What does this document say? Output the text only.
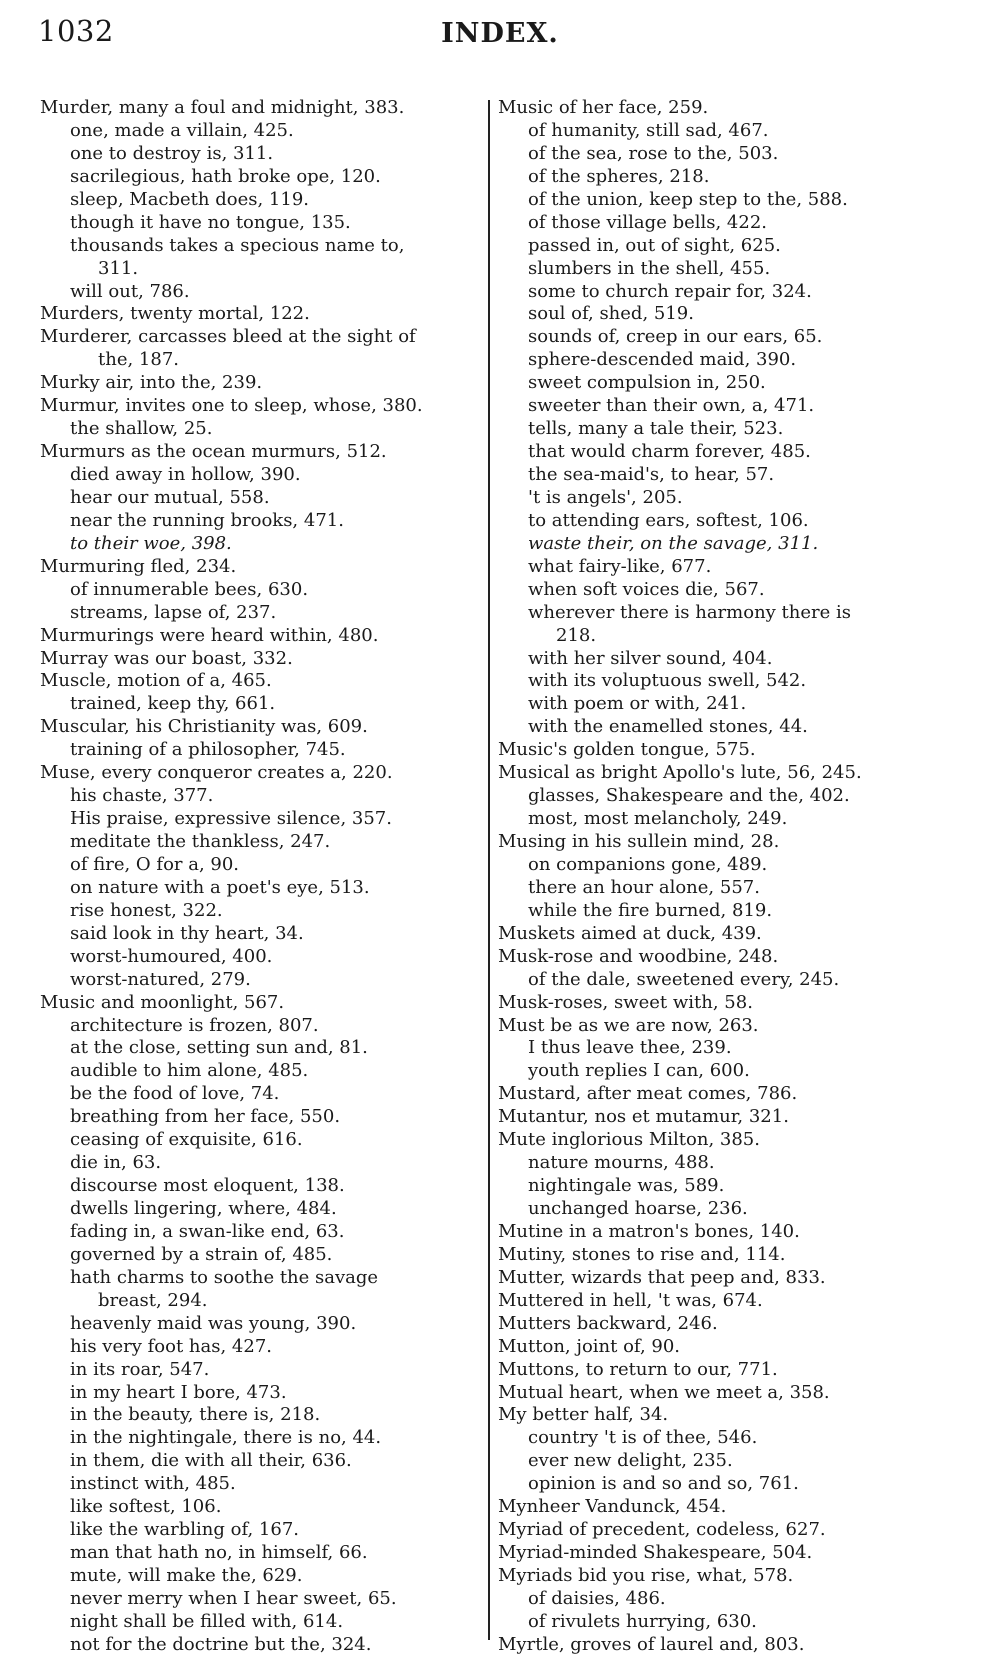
1032	INDEX.
Murder, many a foul and midnight, 383.
one, made a villain, 425.
one to destroy is, 311.
sacrilegious, hath broke ope, 120.
sleep, Macbeth does, 119.
though it have no tongue, 135.
thousands takes a specious name to,
311.
will out, 786.
Murders, twenty mortal, 122.
Murderer, carcasses bleed at the sight of
the, 187.
Murky air, into the, 239.
Murmur, invites one to sleep, whose, 380.
the shallow, 25.
Murmurs as the ocean murmurs, 512.
died away in hollow, 390.
hear our mutual, 558.
near the running brooks, 471.
to their woe, 398.
Murmuring fled, 234.
of innumerable bees, 630.
streams, lapse of, 237.
Murmurings were heard within, 480.
Murray was our boast, 332.
Muscle, motion of a, 465.
trained, keep thy, 661.
Muscular, his Christianity was, 609.
training of a philosopher, 745.
Muse, every conqueror creates a, 220.
his chaste, 377.
His praise, expressive silence, 357.
meditate the thankless, 247.
of fire, O for a, 90.
on nature with a poet's eye, 513.
rise honest, 322.
said look in thy heart, 34.
worst-humoured, 400.
worst-natured, 279.
Music and moonlight, 567.
architecture is frozen, 807.
at the close, setting sun and, 81.
audible to him alone, 485.
be the food of love, 74.
breathing from her face, 550.
ceasing of exquisite, 616.
die in, 63.
discourse most eloquent, 138.
dwells lingering, where, 484.
fading in, a swan-like end, 63.
governed by a strain of, 485.
hath charms to soothe the savage
breast, 294.
heavenly maid was young, 390.
his very foot has, 427.
in its roar, 547.
in my heart I bore, 473.
in the beauty, there is, 218.
in the nightingale, there is no, 44.
in them, die with all their, 636.
instinct with, 485.
like softest, 106.
like the warbling of, 167.
man that hath no, in himself, 66.
mute, will make the, 629.
never merry when I hear sweet, 65.
night shall be filled with, 614.
not for the doctrine but the, 324.
Music of her face, 259.
of humanity, still sad, 467.
of the sea, rose to the, 503.
of the spheres, 218.
of the union, keep step to the, 588.
of those village bells, 422.
passed in, out of sight, 625.
slumbers in the shell, 455.
some to church repair for, 324.
soul of, shed, 519.
sounds of, creep in our ears, 65.
sphere-descended maid, 390.
sweet compulsion in, 250.
sweeter than their own, a, 471.
tells, many a tale their, 523.
that would charm forever, 485.
the sea-maid's, to hear, 57.
't is angels', 205.
to attending ears, softest, 106.
waste their, on the savage, 311.
what fairy-like, 677.
when soft voices die, 567.
wherever there is harmony there is
218.
with her silver sound, 404.
with its voluptuous swell, 542.
with poem or with, 241.
with the enamelled stones, 44.
Music's golden tongue, 575.
Musical as bright Apollo's lute, 56, 245.
glasses, Shakespeare and the, 402.
most, most melancholy, 249.
Musing in his sullein mind, 28.
on companions gone, 489.
there an hour alone, 557.
while the fire burned, 819.
Muskets aimed at duck, 439.
Musk-rose and woodbine, 248.
of the dale, sweetened every, 245.
Musk-roses, sweet with, 58.
Must be as we are now, 263.
I thus leave thee, 239.
youth replies I can, 600.
Mustard, after meat comes, 786.
Mutantur, nos et mutamur, 321.
Mute inglorious Milton, 385.
nature mourns, 488.
nightingale was, 589.
unchanged hoarse, 236.
Mutine in a matron's bones, 140.
Mutiny, stones to rise and, 114.
Mutter, wizards that peep and, 833.
Muttered in hell, 't was, 674.
Mutters backward, 246.
Mutton, joint of, 90.
Muttons, to return to our, 771.
Mutual heart, when we meet a, 358.
My better half, 34.
country 't is of thee, 546.
ever new delight, 235.
opinion is and so and so, 761.
Mynheer Vandunck, 454.
Myriad of precedent, codeless, 627.
Myriad-minded Shakespeare, 504.
Myriads bid you rise, what, 578.
of daisies, 486.
of rivulets hurrying, 630.
Myrtle, groves of laurel and, 803.
